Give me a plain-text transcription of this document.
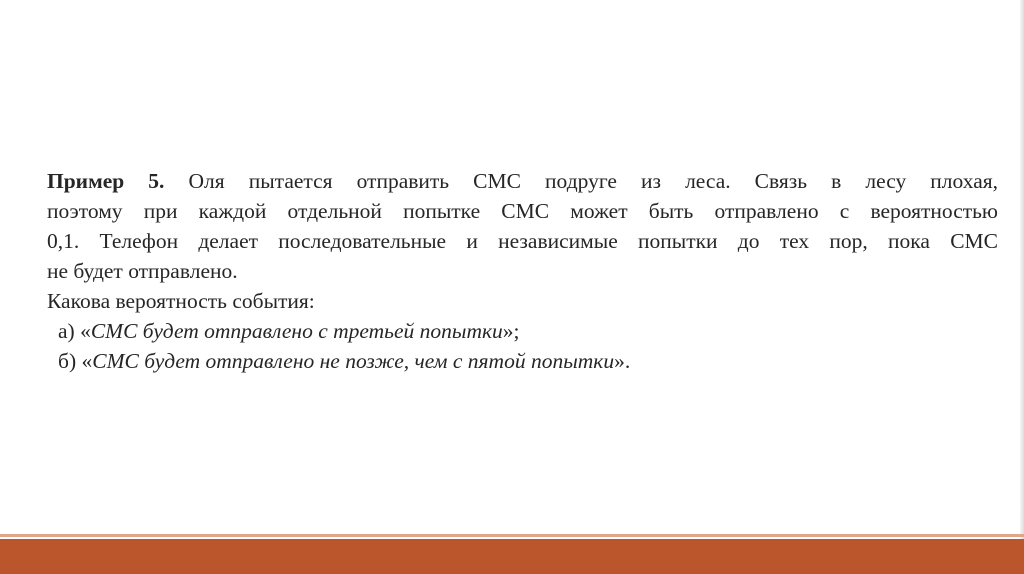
Пример 5. Оля пытается отправить СМС подруге из леса. Связь в лесу плохая,
поэтому при каждой отдельной попытке СМС может быть отправлено с вероятностью
0,1. Телефон делает последовательные и независимые попытки до тех пор, пока СМС
не будет отправлено.
Какова вероятность события:
а) «СМС будет отправлено с третьей попытки»;
б) «СМС будет отправлено не позже, чем с пятой попытки».
